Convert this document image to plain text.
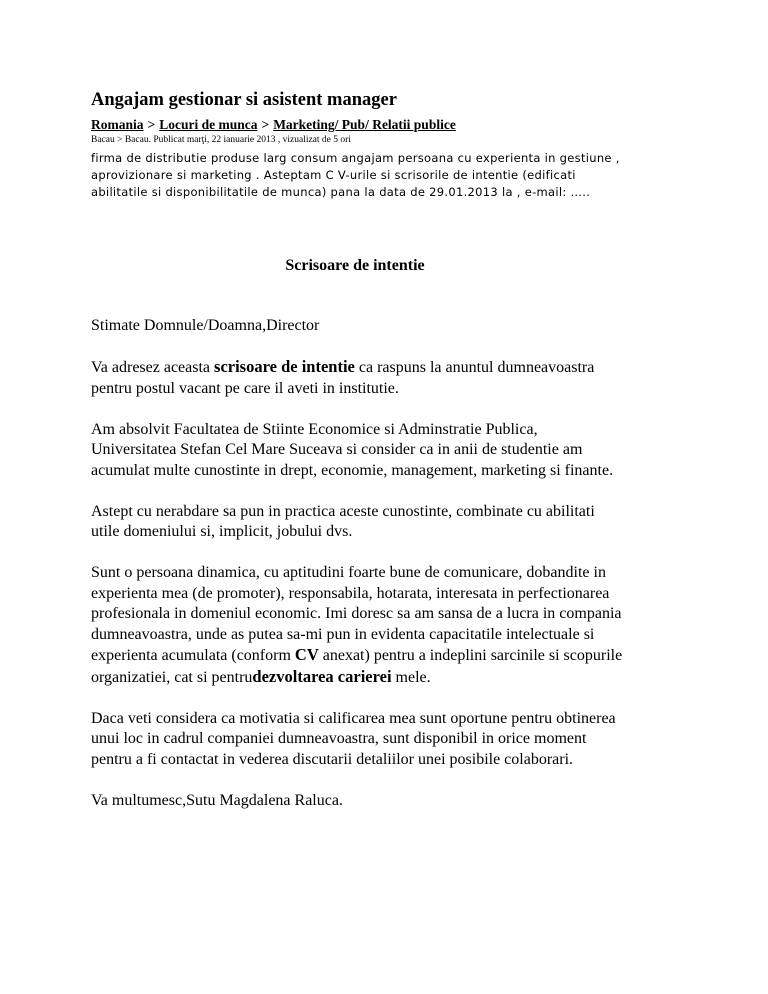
Angajam gestionar si asistent manager
Romania > Locuri de munca > Marketing/ Pub/ Relatii publice
Bacau > Bacau. Publicat marţi, 22 ianuarie 2013 , vizualizat de 5 ori
firma de distributie produse larg consum angajam persoana cu experienta in gestiune ,
aprovizionare si marketing . Asteptam C V-urile si scrisorile de intentie (edificati
abilitatile si disponibilitatile de munca) pana la data de 29.01.2013 la , e-mail: …..
Scrisoare de intentie

Stimate Domnule/Doamna,Director

Va adresez aceasta scrisoare de intentie ca raspuns la anuntul dumneavoastra
pentru postul vacant pe care il aveti in institutie.

Am absolvit Facultatea de Stiinte Economice si Adminstratie Publica,
Universitatea Stefan Cel Mare Suceava si consider ca in anii de studentie am
acumulat multe cunostinte in drept, economie, management, marketing si finante.

Astept cu nerabdare sa pun in practica aceste cunostinte, combinate cu abilitati
utile domeniului si, implicit, jobului dvs.

Sunt o persoana dinamica, cu aptitudini foarte bune de comunicare, dobandite in
experienta mea (de promoter), responsabila, hotarata, interesata in perfectionarea
profesionala in domeniul economic. Imi doresc sa am sansa de a lucra in compania
dumneavoastra, unde as putea sa-mi pun in evidenta capacitatile intelectuale si
experienta acumulata (conform CV anexat) pentru a indeplini sarcinile si scopurile
organizatiei, cat si pentrudezvoltarea carierei mele.

Daca veti considera ca motivatia si calificarea mea sunt oportune pentru obtinerea
unui loc in cadrul companiei dumneavoastra, sunt disponibil in orice moment
pentru a fi contactat in vederea discutarii detaliilor unei posibile colaborari.

Va multumesc,Sutu Magdalena Raluca.
